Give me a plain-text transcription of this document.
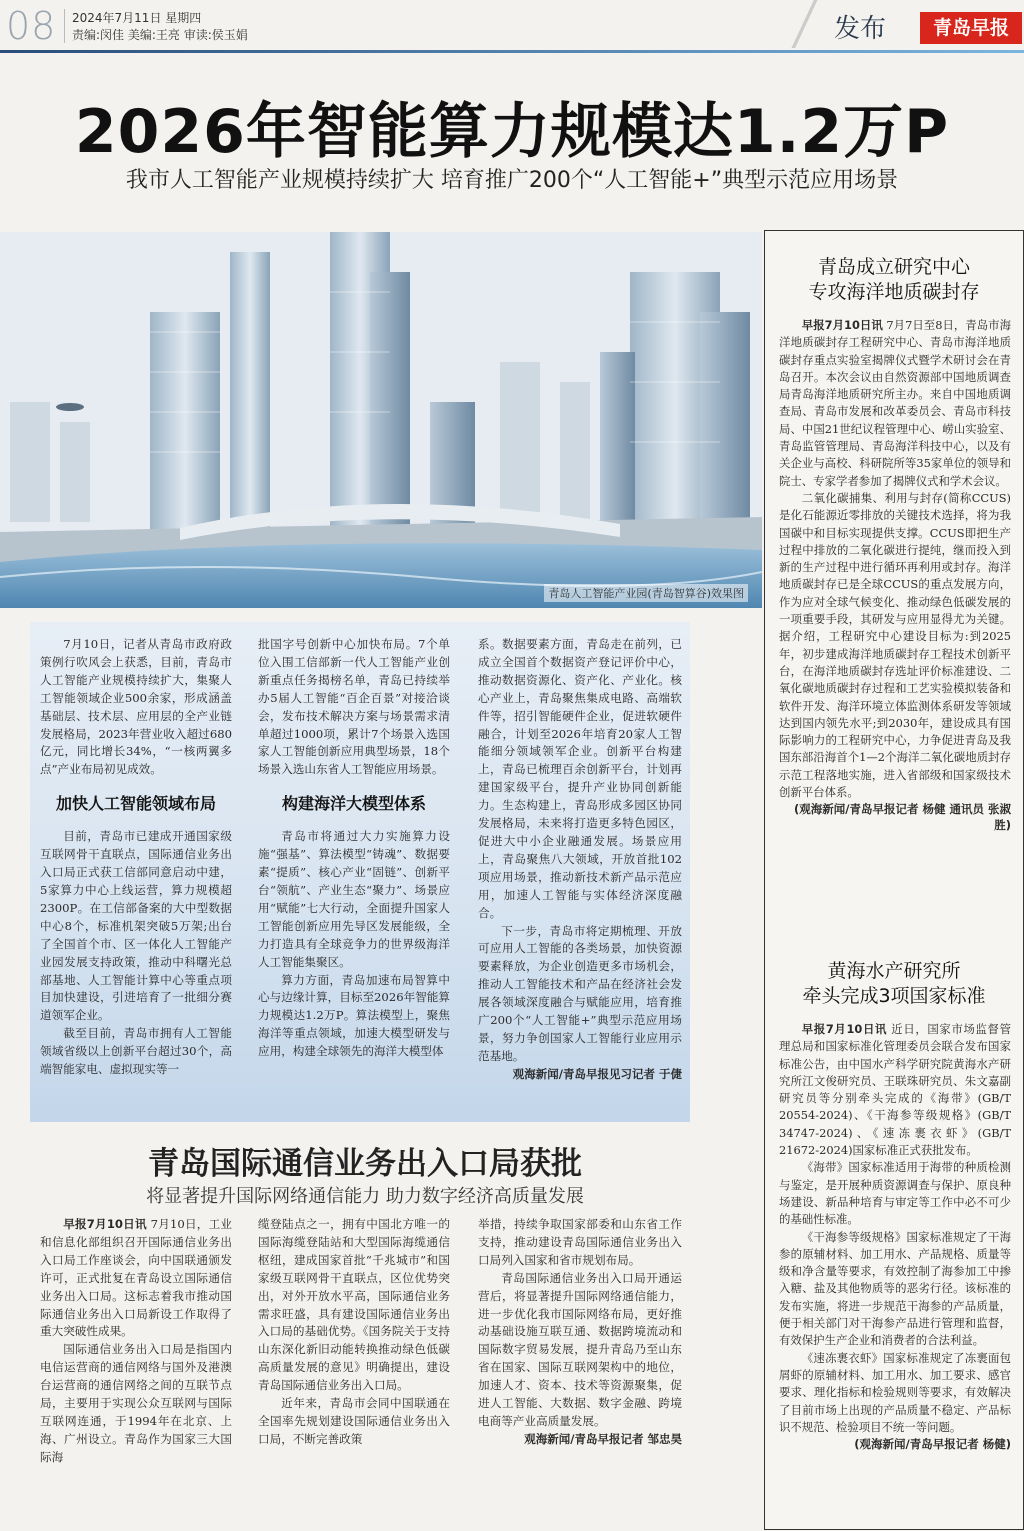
08 2024年7月11日 星期四
责编:闵佳 美编:王亮 审读:侯玉娟	发布	青岛早报
2026年智能算力规模达1.2万P
我市人工智能产业规模持续扩大 培育推广200个“人工智能+”典型示范应用场景
青岛人工智能产业园(青岛智算谷)效果图

7月10日，记者从青岛市政府政策例行吹风会上获悉，目前，青岛市人工智能产业规模持续扩大，集聚人工智能领域企业500余家，形成涵盖基础层、技术层、应用层的全产业链发展格局，2023年营业收入超过680亿元，同比增长34%，“一核两翼多点”产业布局初见成效。

加快人工智能领域布局

目前，青岛市已建成开通国家级互联网骨干直联点，国际通信业务出入口局正式获工信部同意启动中建，5家算力中心上线运营，算力规模超2300P。在工信部备案的大中型数据中心8个，标准机架突破5万架;出台了全国首个市、区一体化人工智能产业园发展支持政策，推动中科曙光总部基地、人工智能计算中心等重点项目加快建设，引进培育了一批细分赛道领军企业。

截至目前，青岛市拥有人工智能领域省级以上创新平台超过30个，高端智能家电、虚拟现实等一

批国字号创新中心加快布局。7个单位入围工信部新一代人工智能产业创新重点任务揭榜名单，青岛已持续举办5届人工智能“百企百景”对接洽谈会，发布技术解决方案与场景需求清单超过1000项，累计7个场景入选国家人工智能创新应用典型场景，18个场景入选山东省人工智能应用场景。

构建海洋大模型体系

青岛市将通过大力实施算力设施“强基”、算法模型“铸魂”、数据要素“提质”、核心产业“固链”、创新平台“领航”、产业生态“聚力”、场景应用“赋能”七大行动，全面提升国家人工智能创新应用先导区发展能级，全力打造具有全球竞争力的世界级海洋人工智能集聚区。

算力方面，青岛加速布局智算中心与边缘计算，目标至2026年智能算力规模达1.2万P。算法模型上，聚焦海洋等重点领域，加速大模型研发与应用，构建全球领先的海洋大模型体

系。数据要素方面，青岛走在前列，已成立全国首个数据资产登记评价中心，推动数据资源化、资产化、产业化。核心产业上，青岛聚焦集成电路、高端软件等，招引智能硬件企业，促进软硬件融合，计划至2026年培育20家人工智能细分领域领军企业。创新平台构建上，青岛已梳理百余创新平台，计划再建国家级平台，提升产业协同创新能力。生态构建上，青岛形成多园区协同发展格局，未来将打造更多特色园区，促进大中小企业融通发展。场景应用上，青岛聚焦八大领域，开放首批102项应用场景，推动新技术新产品示范应用，加速人工智能与实体经济深度融合。

下一步，青岛市将定期梳理、开放可应用人工智能的各类场景，加快资源要素释放，为企业创造更多市场机会，推动人工智能技术和产品在经济社会发展各领域深度融合与赋能应用，培育推广200个“人工智能+”典型示范应用场景，努力争创国家人工智能行业应用示范基地。

观海新闻/青岛早报见习记者 于倢
青岛国际通信业务出入口局获批
将显著提升国际网络通信能力 助力数字经济高质量发展

早报7月10日讯 7月10日，工业和信息化部组织召开国际通信业务出入口局工作座谈会，向中国联通颁发许可，正式批复在青岛设立国际通信业务出入口局。这标志着我市推动国际通信业务出入口局新设工作取得了重大突破性成果。

国际通信业务出入口局是指国内电信运营商的通信网络与国外及港澳台运营商的通信网络之间的互联节点局，主要用于实现公众互联网与国际互联网连通，于1994年在北京、上海、广州设立。青岛作为国家三大国际海

缆登陆点之一，拥有中国北方唯一的国际海缆登陆站和大型国际海缆通信枢纽，建成国家首批“千兆城市”和国家级互联网骨干直联点，区位优势突出，对外开放水平高，国际通信业务需求旺盛，具有建设国际通信业务出入口局的基础优势。《国务院关于支持山东深化新旧动能转换推动绿色低碳高质量发展的意见》明确提出，建设青岛国际通信业务出入口局。

近年来，青岛市会同中国联通在全国率先规划建设国际通信业务出入口局，不断完善政策

举措，持续争取国家部委和山东省工作支持，推动建设青岛国际通信业务出入口局列入国家和省市规划布局。

青岛国际通信业务出入口局开通运营后，将显著提升国际网络通信能力，进一步优化我市国际网络布局，更好推动基础设施互联互通、数据跨境流动和国际数字贸易发展，提升青岛乃至山东省在国家、国际互联网架构中的地位，加速人才、资本、技术等资源聚集，促进人工智能、大数据、数字金融、跨境电商等产业高质量发展。

观海新闻/青岛早报记者 邹忠昊
青岛成立研究中心
专攻海洋地质碳封存

早报7月10日讯 7月7日至8日，青岛市海洋地质碳封存工程研究中心、青岛市海洋地质碳封存重点实验室揭牌仪式暨学术研讨会在青岛召开。本次会议由自然资源部中国地质调查局青岛海洋地质研究所主办。来自中国地质调查局、青岛市发展和改革委员会、青岛市科技局、中国21世纪议程管理中心、崂山实验室、青岛监管管理局、青岛海洋科技中心，以及有关企业与高校、科研院所等35家单位的领导和院士、专家学者参加了揭牌仪式和学术会议。

二氧化碳捕集、利用与封存(简称CCUS)是化石能源近零排放的关键技术选择，将为我国碳中和目标实现提供支撑。CCUS即把生产过程中排放的二氧化碳进行提纯，继而投入到新的生产过程中进行循环再利用或封存。海洋地质碳封存已是全球CCUS的重点发展方向，作为应对全球气候变化、推动绿色低碳发展的一项重要手段，其研发与应用显得尤为关键。据介绍，工程研究中心建设目标为:到2025年，初步建成海洋地质碳封存工程技术创新平台，在海洋地质碳封存选址评价标准建设、二氧化碳地质碳封存过程和工艺实验模拟装备和软件开发、海洋环境立体监测体系研发等领域达到国内领先水平;到2030年，建设成具有国际影响力的工程研究中心，力争促进青岛及我国东部沿海首个1—2个海洋二氧化碳地质封存示范工程落地实施，进入省部级和国家级技术创新平台体系。

(观海新闻/青岛早报记者 杨健 通讯员 张淑胜)
黄海水产研究所
牵头完成3项国家标准

早报7月10日讯 近日，国家市场监督管理总局和国家标准化管理委员会联合发布国家标准公告，由中国水产科学研究院黄海水产研究所江文俊研究员、王联珠研究员、朱文嘉副研究员等分别牵头完成的《海带》(GB/T 20554-2024)、《干海参等级规格》(GB/T 34747-2024)、《速冻裹衣虾》(GB/T 21672-2024)国家标准正式获批发布。

《海带》国家标准适用于海带的种质检测与鉴定，是开展种质资源调查与保护、原良种场建设、新品种培育与审定等工作中必不可少的基础性标准。

《干海参等级规格》国家标准规定了干海参的原辅材料、加工用水、产品规格、质量等级和净含量等要求，有效控制了海参加工中掺入糖、盐及其他物质等的恶劣行径。该标准的发布实施，将进一步规范干海参的产品质量，便于相关部门对干海参产品进行管理和监督，有效保护生产企业和消费者的合法利益。

《速冻裹衣虾》国家标准规定了冻裹面包屑虾的原辅材料、加工用水、加工要求、感官要求、理化指标和检验规则等要求，有效解决了目前市场上出现的产品质量不稳定、产品标识不规范、检验项目不统一等问题。

(观海新闻/青岛早报记者 杨健)
